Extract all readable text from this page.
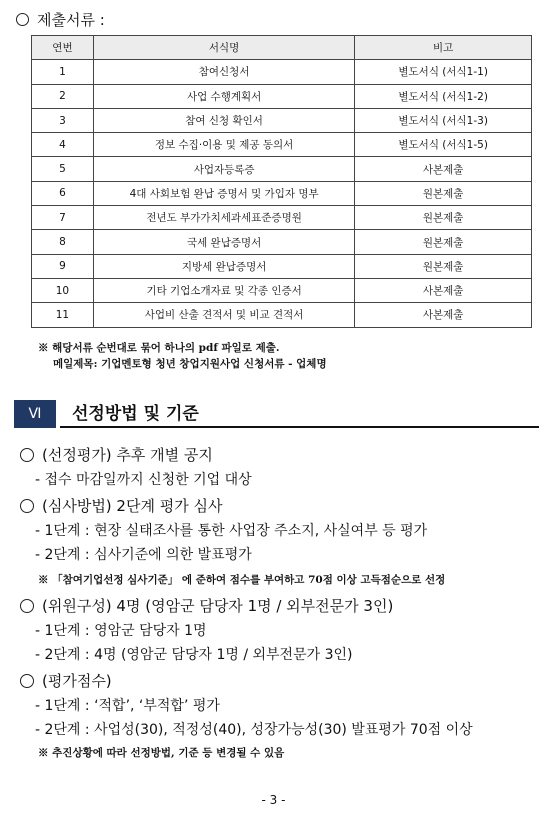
제출서류 :
연번	서식명	비고
1	참여신청서	별도서식 (서식1-1)
2	사업 수행계획서	별도서식 (서식1-2)
3	참여 신청 확인서	별도서식 (서식1-3)
4	정보 수집·이용 및 제공 동의서	별도서식 (서식1-5)
5	사업자등록증	사본제출
6	4대 사회보험 완납 증명서 및 가입자 명부	원본제출
7	전년도 부가가치세과세표준증명원	원본제출
8	국세 완납증명서	원본제출
9	지방세 완납증명서	원본제출
10	기타 기업소개자료 및 각종 인증서	사본제출
11	사업비 산출 견적서 및 비교 견적서	사본제출
※ 해당서류 순번대로 묶어 하나의 pdf 파일로 제출.
메일제목: 기업멘토형 청년 창업지원사업 신청서류 - 업체명
Ⅵ	선정방법 및 기준
(선정평가) 추후 개별 공지
- 접수 마감일까지 신청한 기업 대상
(심사방법) 2단계 평가 심사
- 1단계 : 현장 실태조사를 통한 사업장 주소지, 사실여부 등 평가
- 2단계 : 심사기준에 의한 발표평가
※ 「참여기업선정 심사기준」 에 준하여 점수를 부여하고 70점 이상 고득점순으로 선정
(위원구성) 4명 (영암군 담당자 1명 / 외부전문가 3인)
- 1단계 : 영암군 담당자 1명
- 2단계 : 4명 (영암군 담당자 1명 / 외부전문가 3인)
(평가점수)
- 1단계 : ‘적합’, ‘부적합’ 평가
- 2단계 : 사업성(30), 적정성(40), 성장가능성(30) 발표평가 70점 이상
※ 추진상황에 따라 선정방법, 기준 등 변경될 수 있음
- 3 -
